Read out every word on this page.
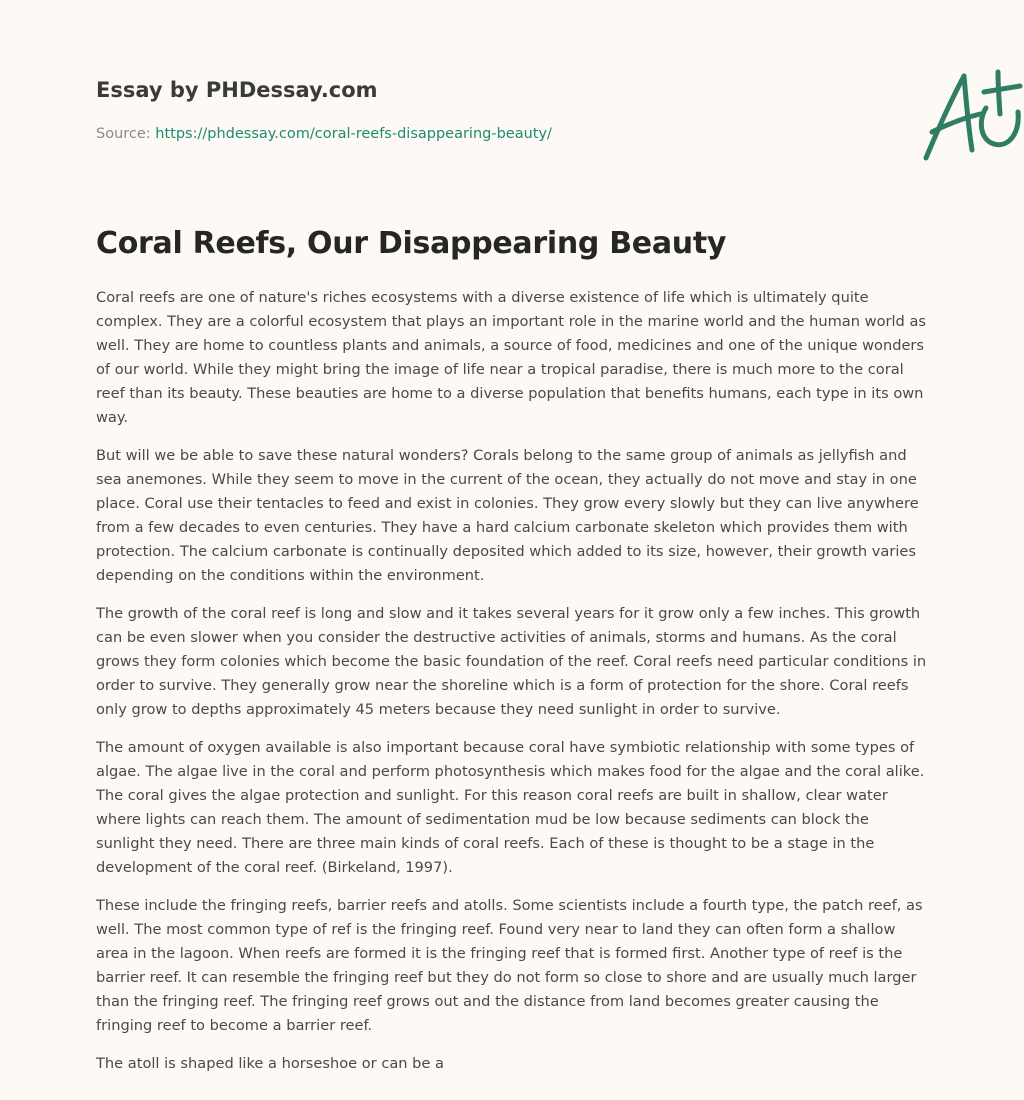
Essay by PHDessay.com
Source: https://phdessay.com/coral-reefs-disappearing-beauty/
Coral Reefs, Our Disappearing Beauty

Coral reefs are one of nature's riches ecosystems with a diverse existence of life which is ultimately quite complex. They are a colorful ecosystem that plays an important role in the marine world and the human world as well. They are home to countless plants and animals, a source of food, medicines and one of the unique wonders of our world. While they might bring the image of life near a tropical paradise, there is much more to the coral reef than its beauty. These beauties are home to a diverse population that benefits humans, each type in its own way.

But will we be able to save these natural wonders? Corals belong to the same group of animals as jellyfish and sea anemones. While they seem to move in the current of the ocean, they actually do not move and stay in one place. Coral use their tentacles to feed and exist in colonies. They grow every slowly but they can live anywhere from a few decades to even centuries. They have a hard calcium carbonate skeleton which provides them with protection. The calcium carbonate is continually deposited which added to its size, however, their growth varies depending on the conditions within the environment.

The growth of the coral reef is long and slow and it takes several years for it grow only a few inches. This growth can be even slower when you consider the destructive activities of animals, storms and humans. As the coral grows they form colonies which become the basic foundation of the reef. Coral reefs need particular conditions in order to survive. They generally grow near the shoreline which is a form of protection for the shore. Coral reefs only grow to depths approximately 45 meters because they need sunlight in order to survive.

The amount of oxygen available is also important because coral have symbiotic relationship with some types of algae. The algae live in the coral and perform photosynthesis which makes food for the algae and the coral alike. The coral gives the algae protection and sunlight. For this reason coral reefs are built in shallow, clear water where lights can reach them. The amount of sedimentation mud be low because sediments can block the sunlight they need. There are three main kinds of coral reefs. Each of these is thought to be a stage in the development of the coral reef. (Birkeland, 1997).

These include the fringing reefs, barrier reefs and atolls. Some scientists include a fourth type, the patch reef, as well. The most common type of ref is the fringing reef. Found very near to land they can often form a shallow area in the lagoon. When reefs are formed it is the fringing reef that is formed first. Another type of reef is the barrier reef. It can resemble the fringing reef but they do not form so close to shore and are usually much larger than the fringing reef. The fringing reef grows out and the distance from land becomes greater causing the fringing reef to become a barrier reef.

The atoll is shaped like a horseshoe or can be a
